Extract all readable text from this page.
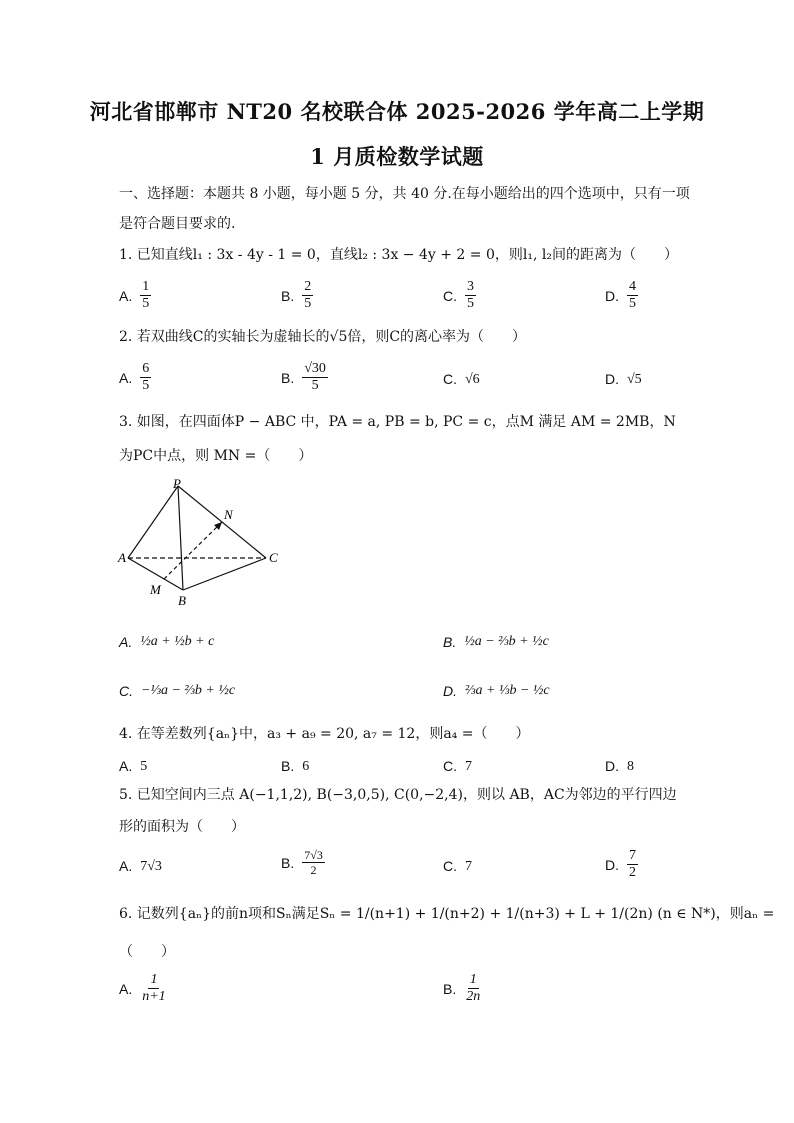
河北省邯郸市 NT20 名校联合体 2025-2026 学年高二上学期
1 月质检数学试题
一、选择题：本题共 8 小题，每小题 5 分，共 40 分.在每小题给出的四个选项中，只有一项
是符合题目要求的.
1. 已知直线l₁ : 3x - 4y - 1 = 0，直线l₂ : 3x − 4y + 2 = 0，则l₁, l₂间的距离为（　　）
A. $\frac{1}{5}$	B. $\frac{2}{5}$	C. $\frac{3}{5}$	D. $\frac{4}{5}$
2. 若双曲线C的实轴长为虚轴长的√5倍，则C的离心率为（　　）
A. $\frac{6}{5}$	B. $\frac{√30}{5}$	C. √6	D. √5
3. 如图，在四面体P − ABC 中，PA = a, PB = b, PC = c，点M 满足 AM = 2MB，N
为PC中点，则 MN =（　　）
P
N
A	C
M
B
A. ½a + ½b + c	B. ½a − ⅔b + ½c
C. −⅓a − ⅔b + ½c	D. ⅔a + ⅓b − ½c
4. 在等差数列{aₙ}中，a₃ + a₉ = 20, a₇ = 12，则a₄ =（　　）
A. 5	B. 6	C. 7	D. 8
5. 已知空间内三点 A(−1,1,2), B(−3,0,5), C(0,−2,4)，则以 AB，AC为邻边的平行四边
形的面积为（　　）
A. 7√3	B. $\frac{7√3}{2}$	C. 7	D. $\frac{7}{2}$
6. 记数列{aₙ}的前n项和Sₙ满足Sₙ = 1/(n+1) + 1/(n+2) + 1/(n+3) + L + 1/(2n) (n ∈ N*)，则aₙ =
（　　）
A. $\frac{1}{n+1}$	B. $\frac{1}{2n}$
